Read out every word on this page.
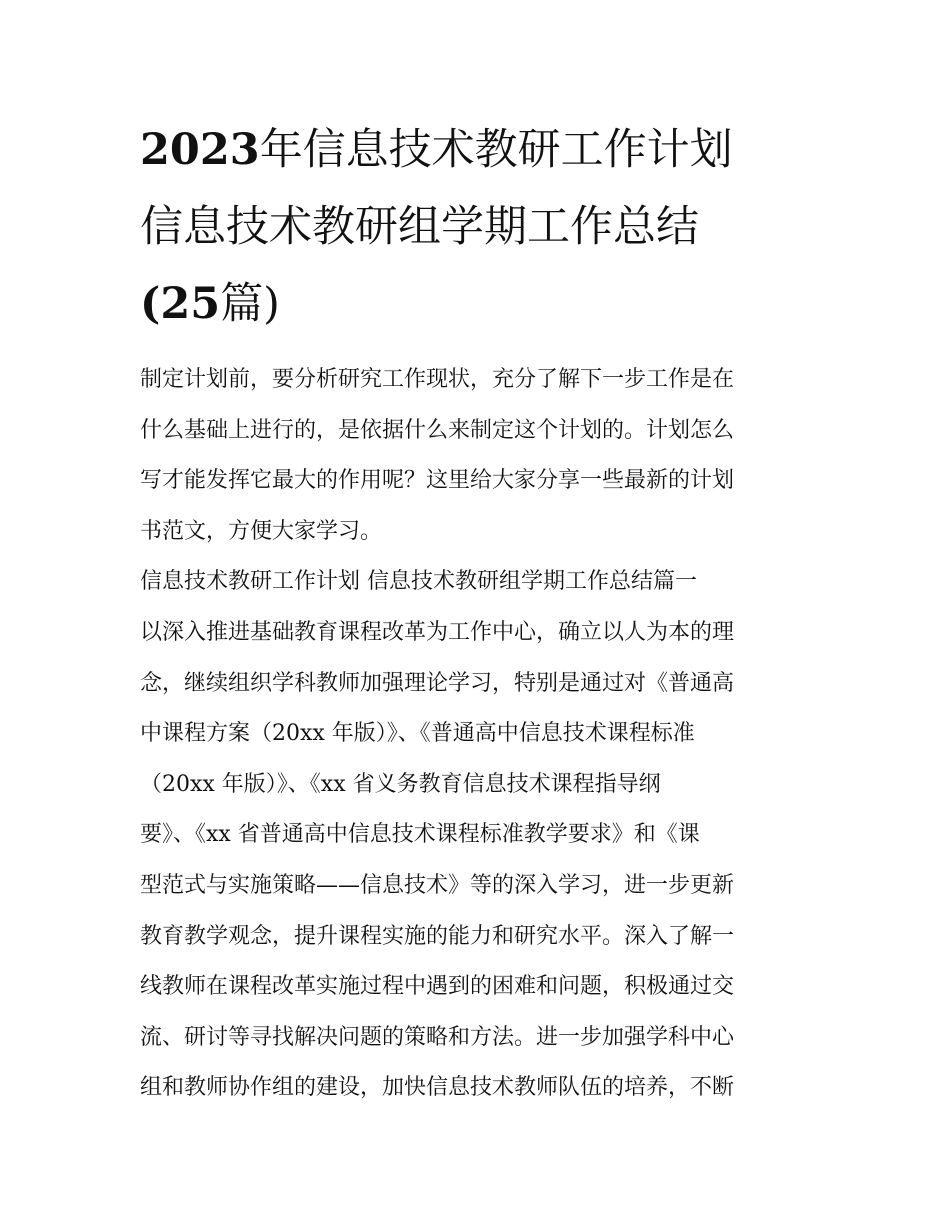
2023年信息技术教研工作计划
信息技术教研组学期工作总结
(25篇)
制定计划前，要分析研究工作现状，充分了解下一步工作是在
什么基础上进行的，是依据什么来制定这个计划的。计划怎么
写才能发挥它最大的作用呢？这里给大家分享一些最新的计划
书范文，方便大家学习。
信息技术教研工作计划 信息技术教研组学期工作总结篇一
以深入推进基础教育课程改革为工作中心，确立以人为本的理
念，继续组织学科教师加强理论学习，特别是通过对《普通高
中课程方案（20xx 年版）》、《普通高中信息技术课程标准
（20xx 年版）》、《xx 省义务教育信息技术课程指导纲
要》、《xx 省普通高中信息技术课程标准教学要求》和《课
型范式与实施策略——信息技术》等的深入学习，进一步更新
教育教学观念，提升课程实施的能力和研究水平。深入了解一
线教师在课程改革实施过程中遇到的困难和问题，积极通过交
流、研讨等寻找解决问题的策略和方法。进一步加强学科中心
组和教师协作组的建设，加快信息技术教师队伍的培养，不断
